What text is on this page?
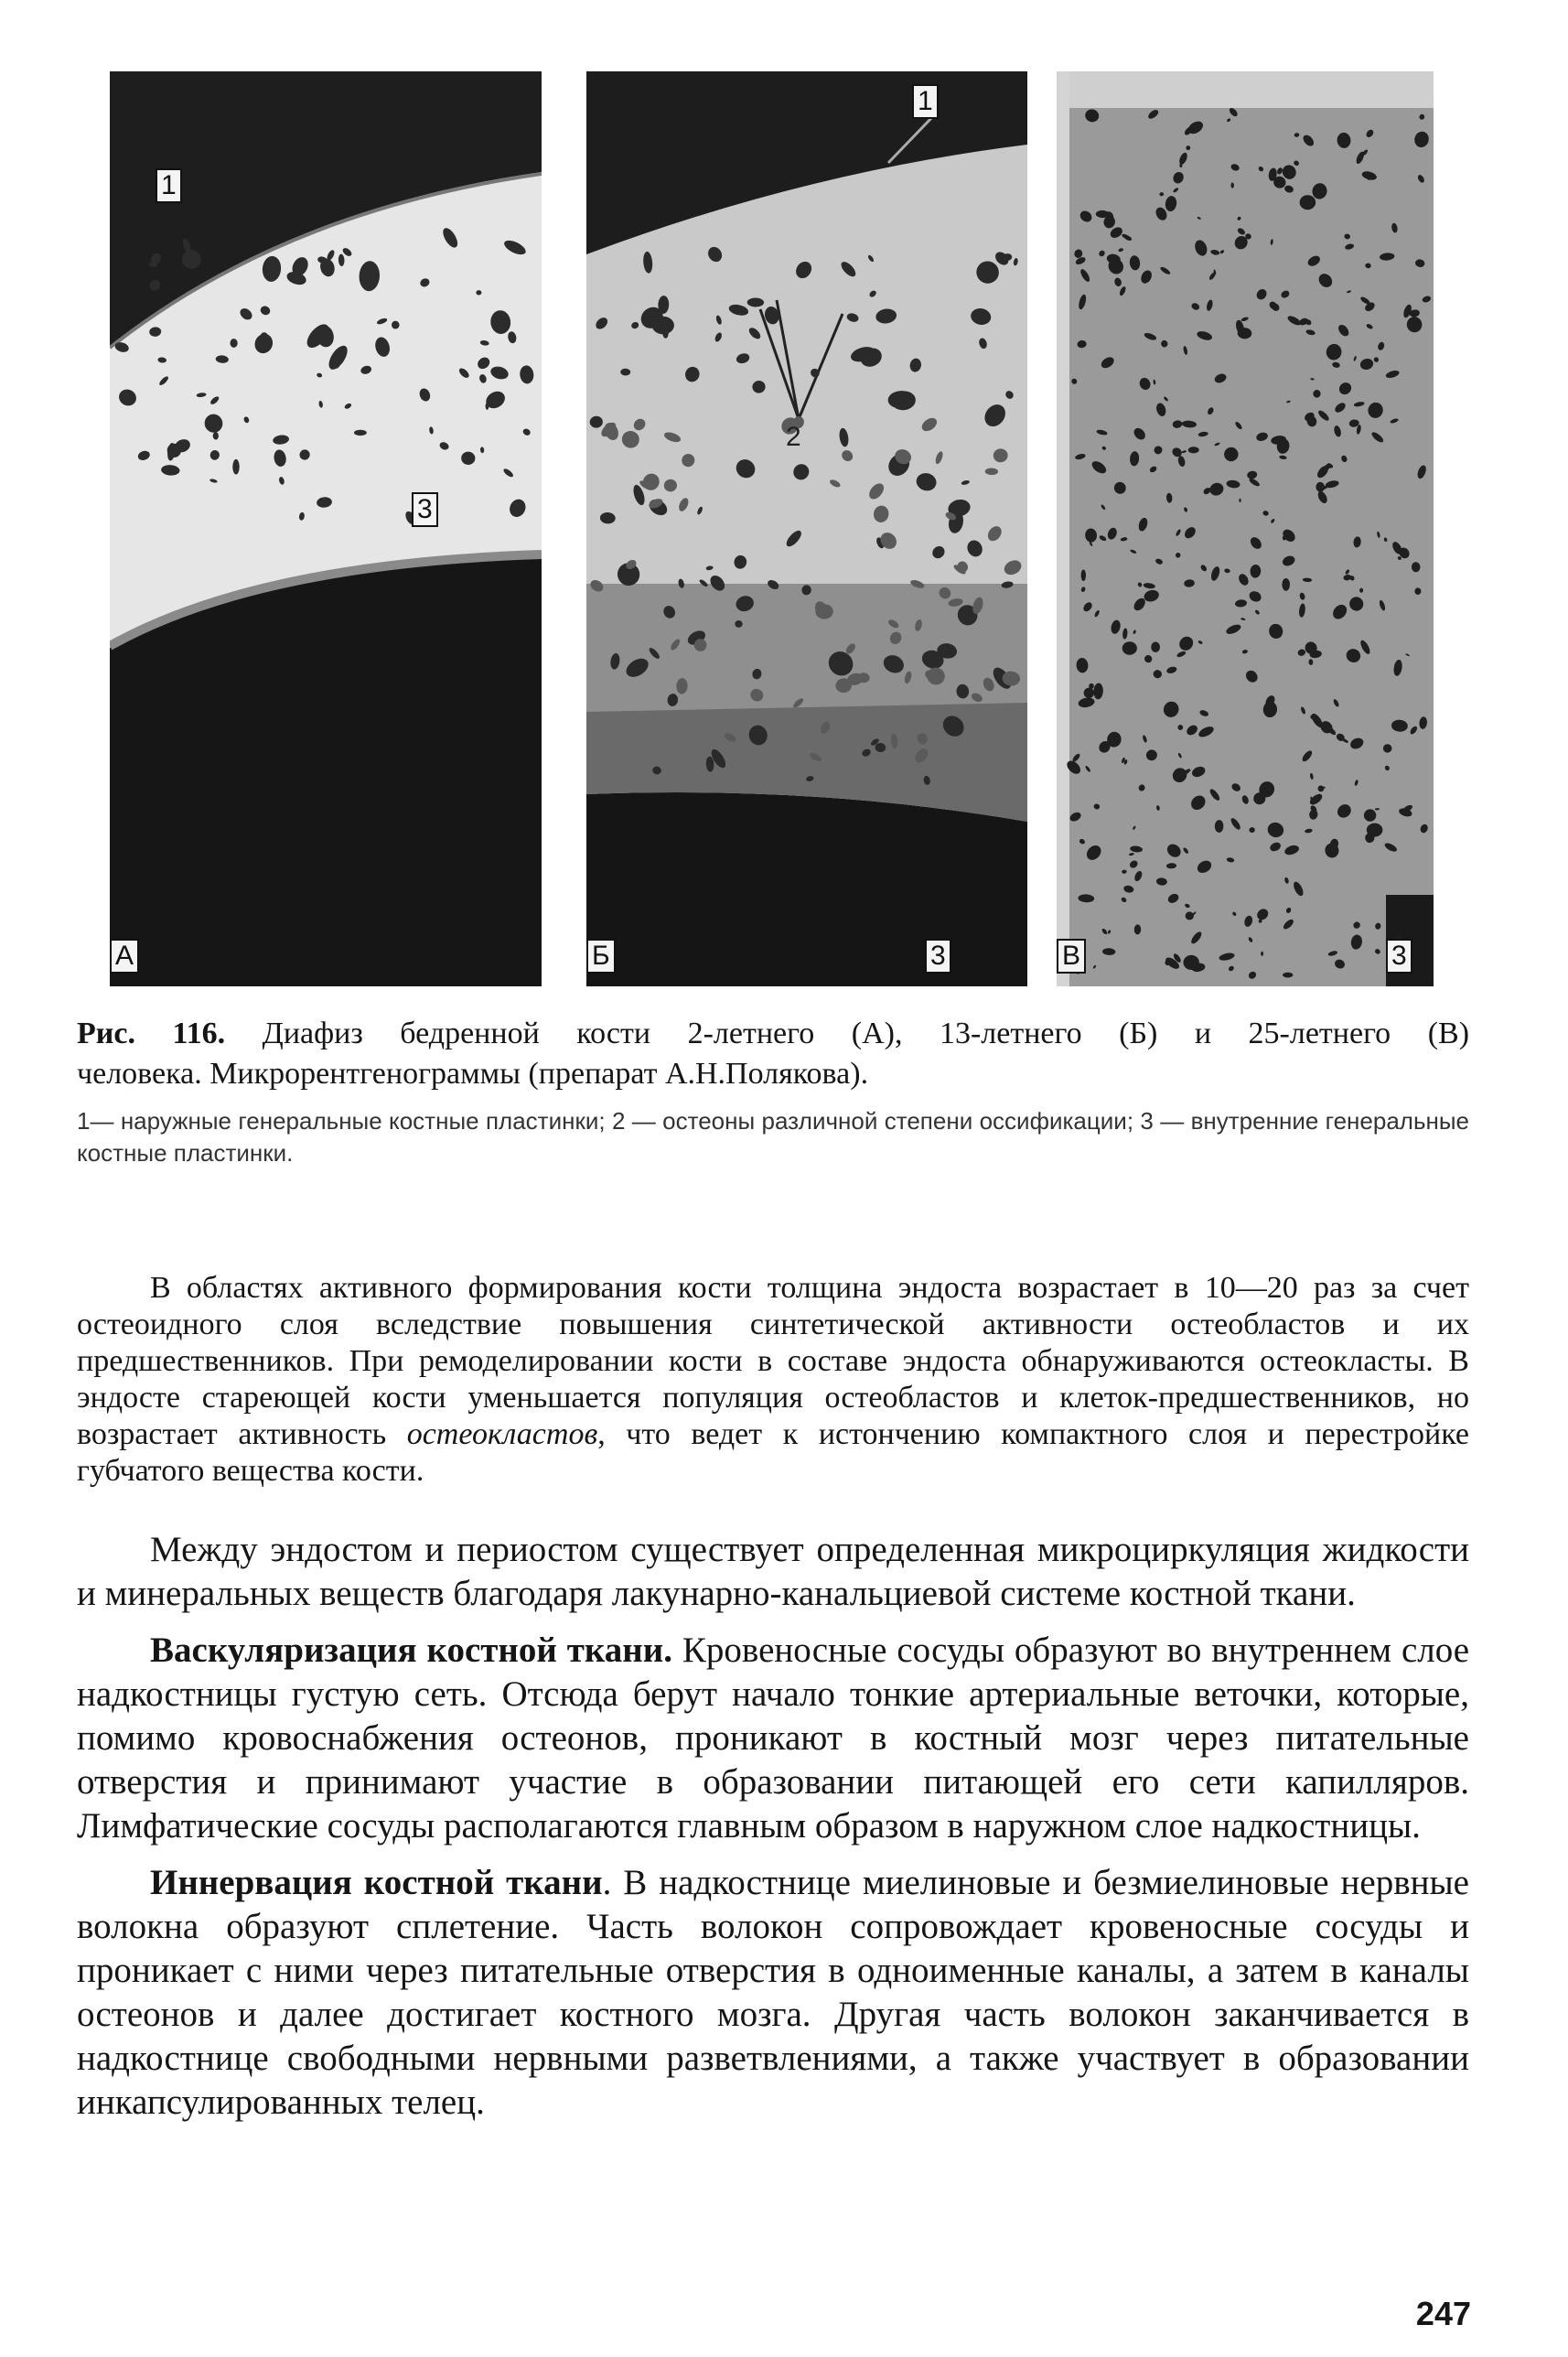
1
3
А
1
2
3
Б	3
В
Рис. 116. Диафиз бедренной кости 2-летнего (А), 13-летнего (Б) и 25-летнего (В)
человека. Микрорентгенограммы (препарат А.Н.Полякова).
1— наружные генеральные костные пластинки; 2 — остеоны различной степени оссификации; 3 — внутренние генеральные костные пластинки.
В областях активного формирования кости толщина эндоста возрастает в 10—20 раз за счет остеоидного слоя вследствие повышения синтетической активности остеобластов и их предшественников. При ремоделировании кости в составе эндоста обнаруживаются остеокласты. В эндосте стареющей кости уменьшается популяция остеобластов и клеток-предшественников, но возрастает активность остеокластов, что ведет к истончению компактного слоя и перестройке губчатого вещества кости.

Между эндостом и периостом существует определенная микроциркуляция жидкости и минеральных веществ благодаря лакунарно-канальциевой системе костной ткани.

Васкуляризация костной ткани. Кровеносные сосуды образуют во внутреннем слое надкостницы густую сеть. Отсюда берут начало тонкие артериальные веточки, которые, помимо кровоснабжения остеонов, проникают в костный мозг через питательные отверстия и принимают участие в образовании питающей его сети капилляров. Лимфатические сосуды располагаются главным образом в наружном слое надкостницы.

Иннервация костной ткани. В надкостнице миелиновые и безмиелиновые нервные волокна образуют сплетение. Часть волокон сопровождает кровеносные сосуды и проникает с ними через питательные отверстия в одноименные каналы, а затем в каналы остеонов и далее достигает костного мозга. Другая часть волокон заканчивается в надкостнице свободными нервными разветвлениями, а также участвует в образовании инкапсулированных телец.

247
